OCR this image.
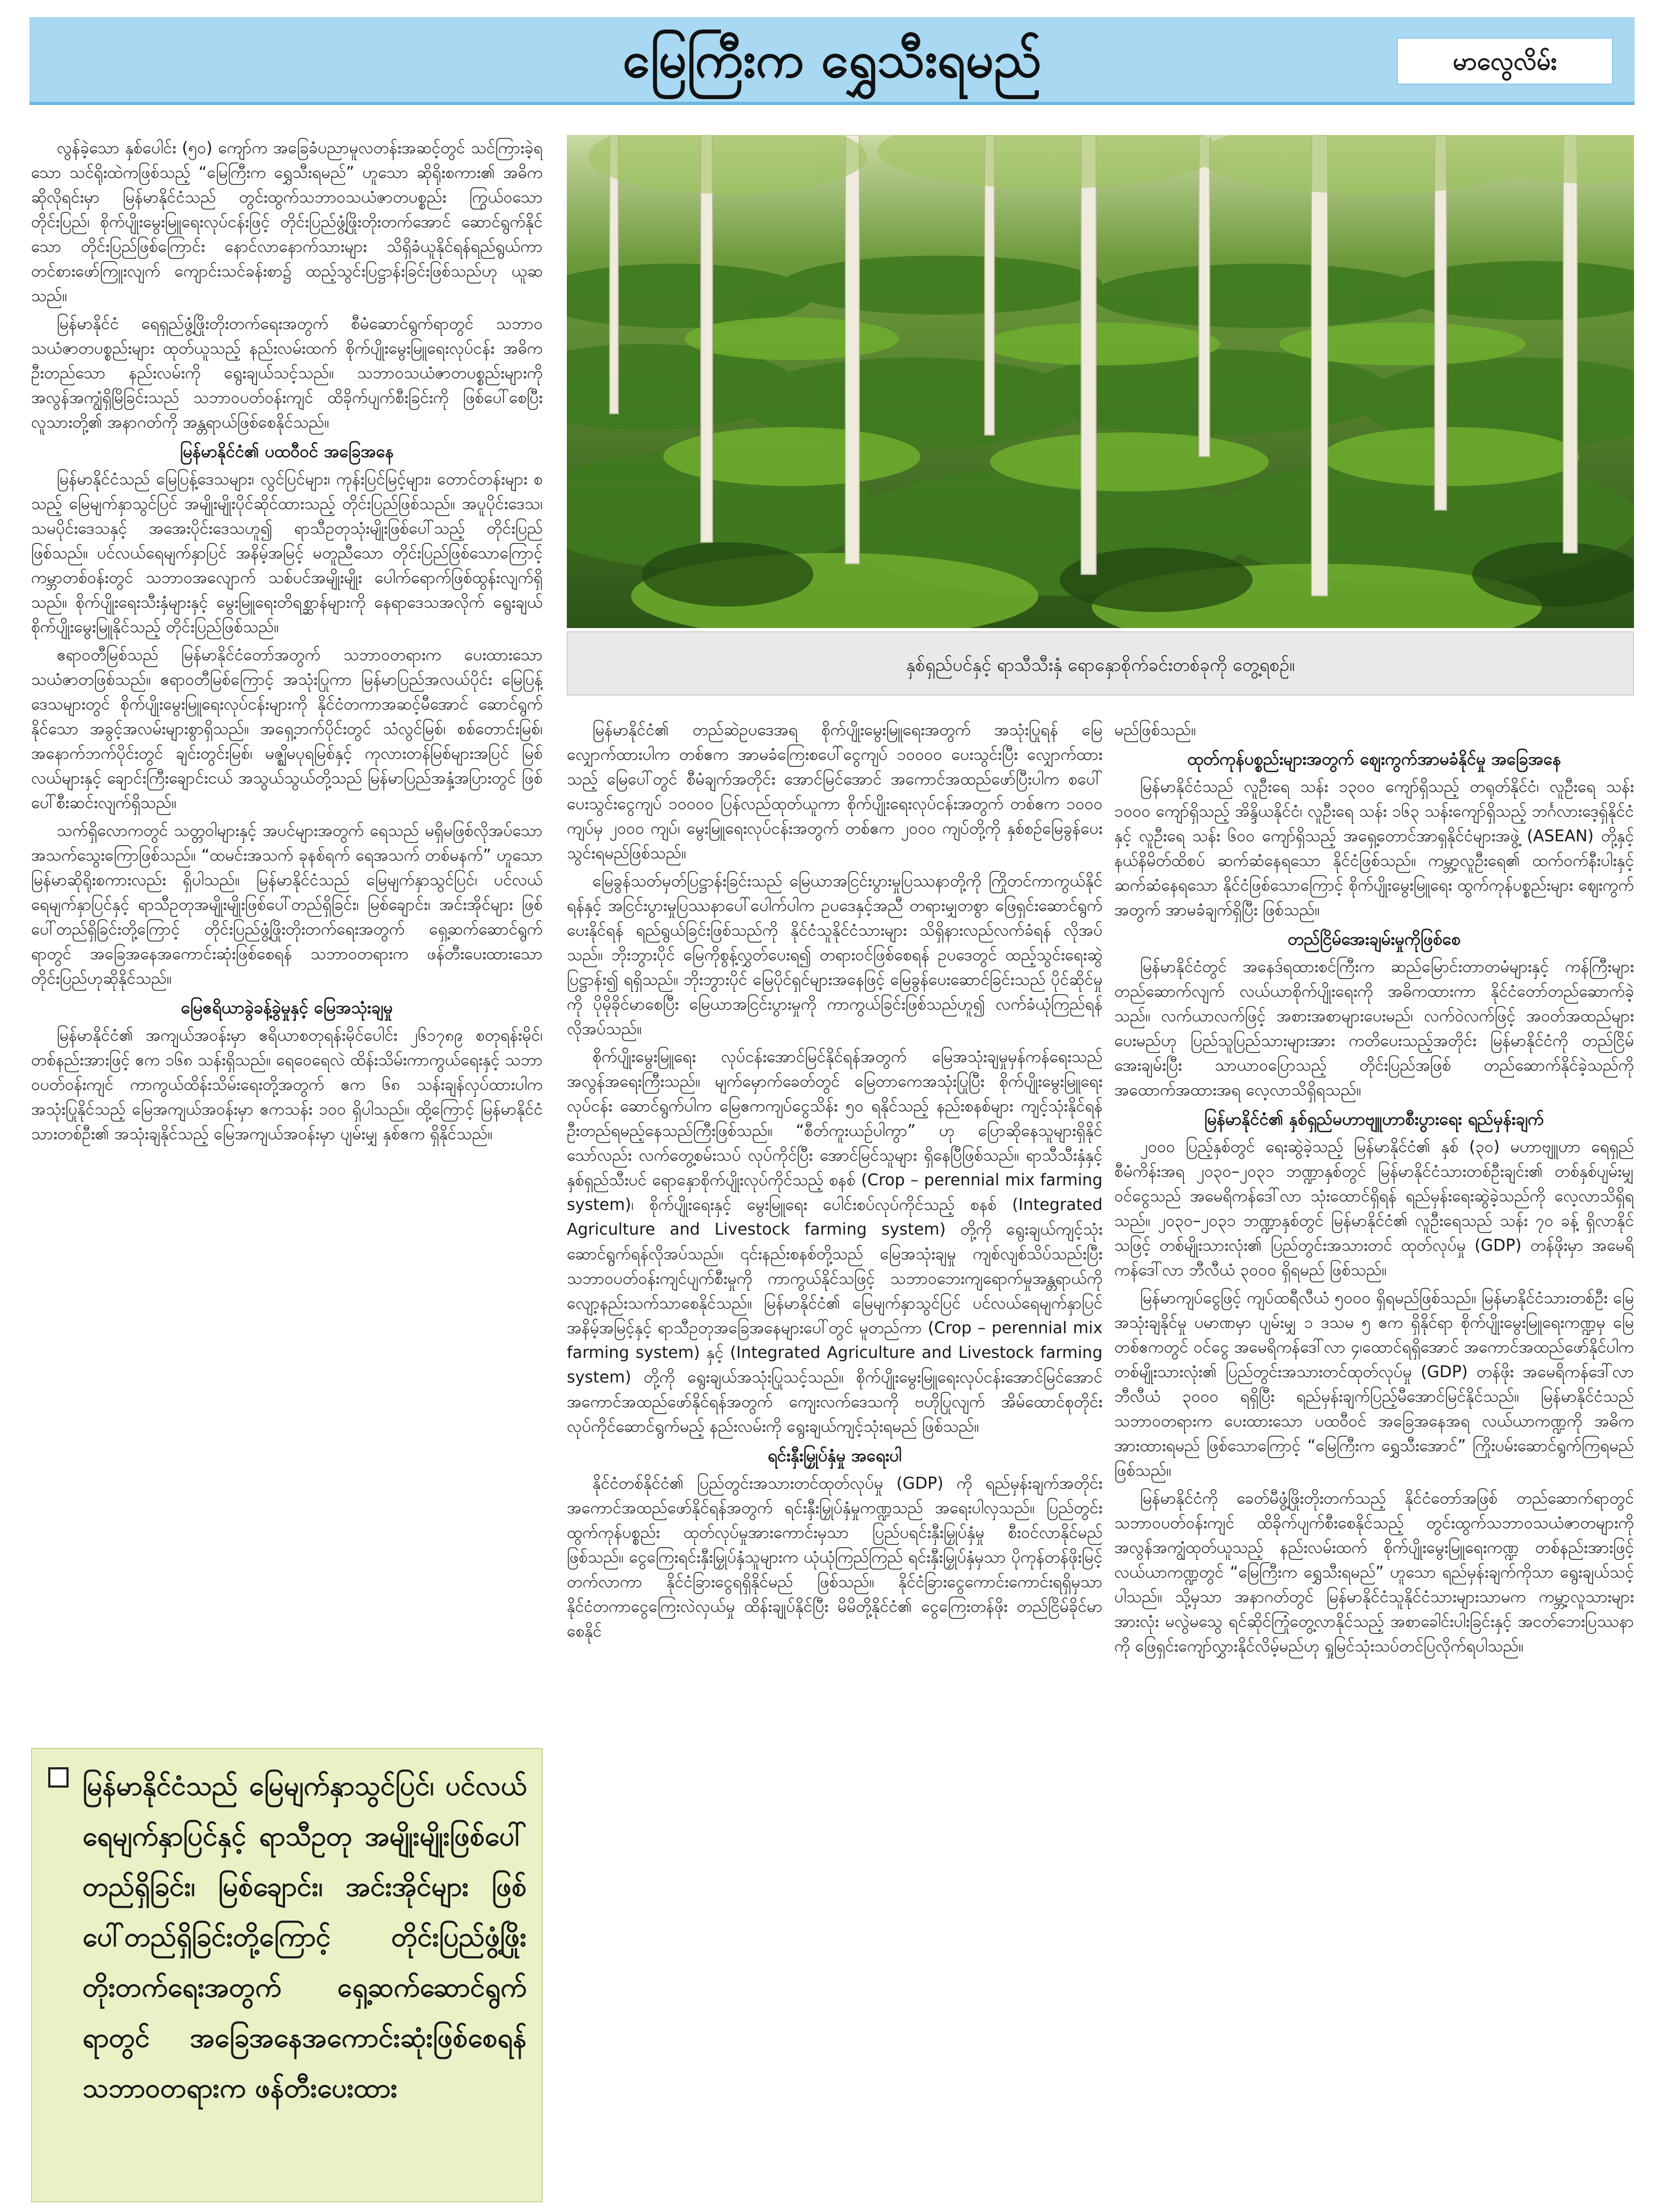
မြေကြီးက ရွှေသီးရမည်	မာလွေလိမ်း
နှစ်ရှည်ပင်နှင့် ရာသီသီးနှံ ရောနှောစိုက်ခင်းတစ်ခုကို တွေ့ရစဉ်။

လွန်ခဲ့သော နှစ်ပေါင်း (၅၀) ကျော်က အခြေခံပညာမူလတန်းအဆင့်တွင် သင်ကြားခဲ့ရသော သင်ရိုးထဲကဖြစ်သည့် “မြေကြီးက ရွှေသီးရမည်” ဟူသော ဆိုရိုးစကား၏ အဓိကဆိုလိုရင်းမှာ မြန်မာနိုင်ငံသည် တွင်းထွက်သဘာဝသယံဇာတပစ္စည်း ကြွယ်ဝသော တိုင်းပြည်၊ စိုက်ပျိုးမွေးမြူရေးလုပ်ငန်းဖြင့် တိုင်းပြည်ဖွံ့ဖြိုးတိုးတက်အောင် ဆောင်ရွက်နိုင်သော တိုင်းပြည်ဖြစ်ကြောင်း နောင်လာနောက်သားများ သိရှိခံယူနိုင်ရန်ရည်ရွယ်ကာ တင်စားဖော်ကြူးလျက် ကျောင်းသင်ခန်းစာ၌ ထည့်သွင်းပြဋ္ဌာန်းခြင်းဖြစ်သည်ဟု ယူဆသည်။

မြန်မာနိုင်ငံ ရေရှည်ဖွံ့ဖြိုးတိုးတက်ရေးအတွက် စီမံဆောင်ရွက်ရာတွင် သဘာဝသယံဇာတပစ္စည်းများ ထုတ်ယူသည့် နည်းလမ်းထက် စိုက်ပျိုးမွေးမြူရေးလုပ်ငန်း အဓိကဦးတည်သော နည်းလမ်းကို ရွေးချယ်သင့်သည်။ သဘာဝသယံဇာတပစ္စည်းများကို အလွန်အကျွံရှိမြိခြင်းသည် သဘာဝပတ်ဝန်းကျင် ထိခိုက်ပျက်စီးခြင်းကို ဖြစ်ပေါ်စေပြီး လူသားတို့၏ အနာဂတ်ကို အန္တရာယ်ဖြစ်စေနိုင်သည်။

မြန်မာနိုင်ငံ၏ ပထဝီဝင် အခြေအနေ

မြန်မာနိုင်ငံသည် မြေပြန့်ဒေသများ၊ လွင်ပြင်များ၊ ကုန်းပြင်မြင့်များ၊ တောင်တန်းများ စသည့် မြေမျက်နှာသွင်ပြင် အမျိုးမျိုးပိုင်ဆိုင်ထားသည့် တိုင်းပြည်ဖြစ်သည်။ အပူပိုင်းဒေသ၊ သမပိုင်းဒေသနှင့် အအေးပိုင်းဒေသဟူ၍ ရာသီဥတုသုံးမျိုးဖြစ်ပေါ်သည့် တိုင်းပြည်ဖြစ်သည်။ ပင်လယ်ရေမျက်နှာပြင် အနိမ့်အမြင့် မတူညီသော တိုင်းပြည်ဖြစ်သောကြောင့် ကမ္ဘာတစ်ဝန်းတွင် သဘာဝအလျောက် သစ်ပင်အမျိုးမျိုး ပေါက်ရောက်ဖြစ်ထွန်းလျက်ရှိသည်။ စိုက်ပျိုးရေးသီးနှံများနှင့် မွေးမြူရေးတိရစ္ဆာန်များကို နေရာဒေသအလိုက် ရွေးချယ်စိုက်ပျိုးမွေးမြူနိုင်သည့် တိုင်းပြည်ဖြစ်သည်။

ဧရာဝတီမြစ်သည် မြန်မာနိုင်ငံတော်အတွက် သဘာဝတရားက ပေးထားသော သယံဇာတဖြစ်သည်။ ဧရာဝတီမြစ်ကြောင့် အသုံးပြုကာ မြန်မာပြည်အလယ်ပိုင်း မြေပြန့်ဒေသများတွင် စိုက်ပျိုးမွေးမြူရေးလုပ်ငန်းများကို နိုင်ငံတကာအဆင့်မီအောင် ဆောင်ရွက်နိုင်သော အခွင့်အလမ်းများစွာရှိသည်။ အရှေ့ဘက်ပိုင်းတွင် သံလွင်မြစ်၊ စစ်တောင်းမြစ်၊ အနောက်ဘက်ပိုင်းတွင် ချင်းတွင်းမြစ်၊ မဇ္ဈိမပုရမြစ်နှင့် ကုလားတန်မြစ်များအပြင် မြစ်လယ်များနှင့် ချောင်းကြီးချောင်းငယ် အသွယ်သွယ်တို့သည် မြန်မာပြည်အနှံ့အပြားတွင် ဖြစ်ပေါ်စီးဆင်းလျက်ရှိသည်။

သက်ရှိလောကတွင် သတ္တဝါများနှင့် အပင်များအတွက် ရေသည် မရှိမဖြစ်လိုအပ်သော အသက်သွေးကြောဖြစ်သည်။ “ထမင်းအသက် ခုနစ်ရက် ရေအသက် တစ်မနက်” ဟူသော မြန်မာဆိုရိုးစကားလည်း ရှိပါသည်။ မြန်မာနိုင်ငံသည် မြေမျက်နှာသွင်ပြင်၊ ပင်လယ်ရေမျက်နှာပြင်နှင့် ရာသီဥတုအမျိုးမျိုးဖြစ်ပေါ်တည်ရှိခြင်း၊ မြစ်ချောင်း၊ အင်းအိုင်များ ဖြစ်ပေါ်တည်ရှိခြင်းတို့ကြောင့် တိုင်းပြည်ဖွံ့ဖြိုးတိုးတက်ရေးအတွက် ရှေ့ဆက်ဆောင်ရွက်ရာတွင် အခြေအနေအကောင်းဆုံးဖြစ်စေရန် သဘာဝတရားက ဖန်တီးပေးထားသော တိုင်းပြည်ဟုဆိုနိုင်သည်။

မြေဧရိယာခွဲခန့်ခွဲမှုနှင့် မြေအသုံးချမှု

မြန်မာနိုင်ငံ၏ အကျယ်အဝန်းမှာ ဧရိယာစတုရန်းမိုင်ပေါင်း ၂၆၁၇၈၉ စတုရန်းမိုင်၊ တစ်နည်းအားဖြင့် ဧက ၁၆၈ သန်းရှိသည်။ ရေဝေရေလဲ ထိန်းသိမ်းကာကွယ်ရေးနှင့် သဘာဝပတ်ဝန်းကျင် ကာကွယ်ထိန်းသိမ်းရေးတို့အတွက် ဧက ၆၈ သန်းချန်လှပ်ထားပါက အသုံးပြုနိုင်သည့် မြေအကျယ်အဝန်းမှာ ဧကသန်း ၁၀၀ ရှိပါသည်။ ထို့ကြောင့် မြန်မာနိုင်ငံသားတစ်ဦး၏ အသုံးချနိုင်သည့် မြေအကျယ်အဝန်းမှာ ပျမ်းမျှ နှစ်ဧက ရှိနိုင်သည်။

မြန်မာနိုင်ငံသည် မြေမျက်နှာသွင်ပြင်၊ ပင်လယ်ရေမျက်နှာပြင်နှင့် ရာသီဥတု အမျိုးမျိုးဖြစ်ပေါ်တည်ရှိခြင်း၊ မြစ်ချောင်း၊ အင်းအိုင်များ ဖြစ်ပေါ်တည်ရှိခြင်းတို့ကြောင့် တိုင်းပြည်ဖွံ့ဖြိုးတိုးတက်ရေးအတွက် ရှေ့ဆက်ဆောင်ရွက်ရာတွင် အခြေအနေအကောင်းဆုံးဖြစ်စေရန် သဘာဝတရားက ဖန်တီးပေးထား

မြန်မာနိုင်ငံ၏ တည်ဆဲဥပဒေအရ စိုက်ပျိုးမွေးမြူရေးအတွက် အသုံးပြုရန် မြေလျှောက်ထားပါက တစ်ဧက အာမခံကြေးစပေါ်ငွေကျပ် ၁၀၀၀၀ ပေးသွင်းပြီး လျှောက်ထားသည့် မြေပေါ်တွင် စီမံချက်အတိုင်း အောင်မြင်အောင် အကောင်အထည်ဖော်ပြီးပါက စပေါ်ပေးသွင်းငွေကျပ် ၁၀၀၀၀ ပြန်လည်ထုတ်ယူကာ စိုက်ပျိုးရေးလုပ်ငန်းအတွက် တစ်ဧက ၁၀၀၀ ကျပ်မှ ၂၀၀၀ ကျပ်၊ မွေးမြူရေးလုပ်ငန်းအတွက် တစ်ဧက ၂၀၀၀ ကျပ်တို့ကို နှစ်စဉ်မြေခွန်ပေးသွင်းရမည်ဖြစ်သည်။

မြေခွန်သတ်မှတ်ပြဋ္ဌာန်းခြင်းသည် မြေယာအငြင်းပွားမှုပြဿနာတို့ကို ကြိုတင်ကာကွယ်နိုင်ရန်နှင့် အငြင်းပွားမှုပြဿနာပေါ်ပေါက်ပါက ဥပဒေနှင့်အညီ တရားမျှတစွာ ဖြေရှင်းဆောင်ရွက်ပေးနိုင်ရန် ရည်ရွယ်ခြင်းဖြစ်သည်ကို နိုင်ငံသူနိုင်ငံသားများ သိရှိနားလည်လက်ခံရန် လိုအပ်သည်။ ဘိုးဘွားပိုင် မြေကိုစွန့်လွှတ်ပေးရ၍ တရားဝင်ဖြစ်စေရန် ဥပဒေတွင် ထည့်သွင်းရေးဆွဲပြဋ္ဌာန်း၍ ရရှိသည်။ ဘိုးဘွားပိုင် မြေပိုင်ရှင်များအနေဖြင့် မြေခွန်ပေးဆောင်ခြင်းသည် ပိုင်ဆိုင်မှုကို ပိုမိုခိုင်မာစေပြီး မြေယာအငြင်းပွားမှုကို ကာကွယ်ခြင်းဖြစ်သည်ဟူ၍ လက်ခံယုံကြည်ရန် လိုအပ်သည်။

စိုက်ပျိုးမွေးမြူရေး လုပ်ငန်းအောင်မြင်နိုင်ရန်အတွက် မြေအသုံးချမှုမှန်ကန်ရေးသည် အလွန်အရေးကြီးသည်။ မျက်မှောက်ခေတ်တွင် မြေတာကေအသုံးပြုပြီး စိုက်ပျိုးမွေးမြူရေးလုပ်ငန်း ဆောင်ရွက်ပါက မြေဧကကျပ်ငွေသိန်း ၅၀ ရနိုင်သည့် နည်းစနစ်များ ကျင့်သုံးနိုင်ရန် ဦးတည်ရမည့်နေသည်ကြီးဖြစ်သည်။ “စီတ်ကူးယဉ်ပါကွာ” ဟု ပြောဆိုနေသူများရှိနိုင်သော်လည်း လက်တွေ့စမ်းသပ် လုပ်ကိုင်ပြီး အောင်မြင်သူများ ရှိနေပြီဖြစ်သည်။ ရာသီသီးနှံနှင့် နှစ်ရှည်သီးပင် ရောနှောစိုက်ပျိုးလုပ်ကိုင်သည့် စနစ် (Crop – perennial mix farming system)၊ စိုက်ပျိုးရေးနှင့် မွေးမြူရေး ပေါင်းစပ်လုပ်ကိုင်သည့် စနစ် (Integrated Agriculture and Livestock farming system) တို့ကို ရွေးချယ်ကျင့်သုံး ဆောင်ရွက်ရန်လိုအပ်သည်။ ၎င်းနည်းစနစ်တို့သည် မြေအသုံးချမှု ကျစ်လျစ်သိပ်သည်းပြီး သဘာဝပတ်ဝန်းကျင်ပျက်စီးမှုကို ကာကွယ်နိုင်သဖြင့် သဘာဝဘေးကျရောက်မှုအန္တရာယ်ကို လျော့နည်းသက်သာစေနိုင်သည်။ မြန်မာနိုင်ငံ၏ မြေမျက်နှာသွင်ပြင် ပင်လယ်ရေမျက်နှာပြင် အနိမ့်အမြင့်နှင့် ရာသီဥတုအခြေအနေများပေါ်တွင် မူတည်ကာ (Crop – perennial mix farming system) နှင့် (Integrated Agriculture and Livestock farming system) တို့ကို ရွေးချယ်အသုံးပြုသင့်သည်။ စိုက်ပျိုးမွေးမြူရေးလုပ်ငန်းအောင်မြင်အောင် အကောင်အထည်ဖော်နိုင်ရန်အတွက် ကျေးလက်ဒေသကို ဗဟိုပြုလျက် အိမ်ထောင်စုတိုင်း လုပ်ကိုင်ဆောင်ရွက်မည့် နည်းလမ်းကို ရွေးချယ်ကျင့်သုံးရမည် ဖြစ်သည်။

ရင်းနှီးမြှုပ်နှံမှု အရေးပါ

နိုင်ငံတစ်နိုင်ငံ၏ ပြည်တွင်းအသားတင်ထုတ်လုပ်မှု (GDP) ကို ရည်မှန်းချက်အတိုင်း အကောင်အထည်ဖော်နိုင်ရန်အတွက် ရင်းနှီးမြှုပ်နှံမှုကဏ္ဍသည် အရေးပါလှသည်။ ပြည်တွင်းထွက်ကုန်ပစ္စည်း ထုတ်လုပ်မှုအားကောင်းမှသာ ပြည်ပရင်းနှီးမြှုပ်နှံမှု စီးဝင်လာနိုင်မည်ဖြစ်သည်။ ငွေကြေးရင်းနှီးမြှုပ်နှံသူများက ယုံယုံကြည်ကြည် ရင်းနှီးမြှုပ်နှံမှသာ ပိုကုန်တန်ဖိုးမြင့်တက်လာကာ နိုင်ငံခြားငွေရရှိနိုင်မည် ဖြစ်သည်။ နိုင်ငံခြားငွေကောင်းကောင်းရရှိမှသာ နိုင်ငံတကာငွေကြေးလဲလှယ်မှု ထိန်းချုပ်နိုင်ပြီး မိမိတို့နိုင်ငံ၏ ငွေကြေးတန်ဖိုး တည်ငြိမ်ခိုင်မာစေနိုင်

မည်ဖြစ်သည်။

ထုတ်ကုန်ပစ္စည်းများအတွက် ဈေးကွက်အာမခံနိုင်မှု အခြေအနေ

မြန်မာနိုင်ငံသည် လူဦးရေ သန်း ၁၃၀၀ ကျော်ရှိသည့် တရုတ်နိုင်ငံ၊ လူဦးရေ သန်း ၁၀၀၀ ကျော်ရှိသည့် အိန္ဒိယနိုင်ငံ၊ လူဦးရေ သန်း ၁၆၃ သန်းကျော်ရှိသည့် ဘင်္ဂလားဒေ့ရှ်နိုင်ငံနှင့် လူဦးရေ သန်း ၆၀၀ ကျော်ရှိသည့် အရှေ့တောင်အာရှနိုင်ငံများအဖွဲ့ (ASEAN) တို့နှင့် နယ်နိမိတ်ထိစပ် ဆက်ဆံနေရသော နိုင်ငံဖြစ်သည်။ ကမ္ဘာ့လူဦးရေ၏ ထက်ဝက်နီးပါးနှင့် ဆက်ဆံနေရသော နိုင်ငံဖြစ်သောကြောင့် စိုက်ပျိုးမွေးမြူရေး ထွက်ကုန်ပစ္စည်းများ ဈေးကွက်အတွက် အာမခံချက်ရှိပြီး ဖြစ်သည်။

တည်ငြိမ်အေးချမ်းမှုကိုဖြစ်စေ

မြန်မာနိုင်ငံတွင် အနေဒ်ရထားစင်ကြီးက ဆည်မြောင်းတာတမံများနှင့် ကန်ကြီးများ တည်ဆောက်လျက် လယ်ယာစိုက်ပျိုးရေးကို အဓိကထားကာ နိုင်ငံတော်တည်ဆောက်ခဲ့သည်။ လက်ယာလက်ဖြင့် အစားအစာများပေးမည်၊ လက်ဝဲလက်ဖြင့် အဝတ်အထည်များ ပေးမည်ဟု ပြည်သူပြည်သားများအား ကတိပေးသည့်အတိုင်း မြန်မာနိုင်ငံကို တည်ငြိမ်အေးချမ်းပြီး သာယာဝပြောသည့် တိုင်းပြည်အဖြစ် တည်ဆောက်နိုင်ခဲ့သည်ကို အထောက်အထားအရ လေ့လာသိရှိရသည်။

မြန်မာနိုင်ငံ၏ နှစ်ရှည်မဟာဗျူဟာစီးပွားရေး ရည်မှန်းချက်

၂၀၀၀ ပြည့်နှစ်တွင် ရေးဆွဲခဲ့သည့် မြန်မာနိုင်ငံ၏ နှစ် (၃၀) မဟာဗျူဟာ ရေရှည်စီမံကိန်းအရ ၂၀၃၀–၂၀၃၁ ဘဏ္ဍာနှစ်တွင် မြန်မာနိုင်ငံသားတစ်ဦးချင်း၏ တစ်နှစ်ပျမ်းမျှဝင်ငွေသည် အမေရိကန်ဒေါ်လာ သုံးထောင်ရှိရန် ရည်မှန်းရေးဆွဲခဲ့သည်ကို လေ့လာသိရှိရသည်။ ၂၀၃၀–၂၀၃၁ ဘဏ္ဍာနှစ်တွင် မြန်မာနိုင်ငံ၏ လူဦးရေသည် သန်း ၇၀ ခန့် ရှိလာနိုင်သဖြင့် တစ်မျိုးသားလုံး၏ ပြည်တွင်းအသားတင် ထုတ်လုပ်မှု (GDP) တန်ဖိုးမှာ အမေရိကန်ဒေါ်လာ ဘီလီယံ ၃၀၀၀ ရှိရမည် ဖြစ်သည်။

မြန်မာကျပ်ငွေဖြင့် ကျပ်ထရီလီယံ ၅၀၀၀ ရှိရမည်ဖြစ်သည်။ မြန်မာနိုင်ငံသားတစ်ဦး မြေအသုံးချနိုင်မှု ပမာဏမှာ ပျမ်းမျှ ၁ ဒသမ ၅ ဧက ရှိနိုင်ရာ စိုက်ပျိုးမွေးမြူရေးကဏ္ဍမှ မြေတစ်ဧကတွင် ဝင်ငွေ အမေရိကန်ဒေါ်လာ ၄၊ထောင်ရရှိအောင် အကောင်အထည်ဖော်နိုင်ပါက တစ်မျိုးသားလုံး၏ ပြည်တွင်းအသားတင်ထုတ်လုပ်မှု (GDP) တန်ဖိုး အမေရိကန်ဒေါ်လာ ဘီလီယံ ၃၀၀၀ ရရှိပြီး ရည်မှန်းချက်ပြည့်မီအောင်မြင်နိုင်သည်။ မြန်မာနိုင်ငံသည် သဘာဝတရားက ပေးထားသော ပထဝီဝင် အခြေအနေအရ လယ်ယာကဏ္ဍကို အဓိက အားထားရမည် ဖြစ်သောကြောင့် “မြေကြီးက ရွှေသီးအောင်” ကြိုးပမ်းဆောင်ရွက်ကြရမည်ဖြစ်သည်။

မြန်မာနိုင်ငံကို ခေတ်မီဖွံ့ဖြိုးတိုးတက်သည့် နိုင်ငံတော်အဖြစ် တည်ဆောက်ရာတွင် သဘာဝပတ်ဝန်းကျင် ထိခိုက်ပျက်စီးစေနိုင်သည့် တွင်းထွက်သဘာဝသယံဇာတများကို အလွန်အကျွံထုတ်ယူသည့် နည်းလမ်းထက် စိုက်ပျိုးမွေးမြူရေးကဏ္ဍ တစ်နည်းအားဖြင့် လယ်ယာကဏ္ဍတွင် “မြေကြီးက ရွှေသီးရမည်” ဟူသော ရည်မှန်းချက်ကိုသာ ရွေးချယ်သင့်ပါသည်။ သို့မှသာ အနာဂတ်တွင် မြန်မာနိုင်ငံသူနိုင်ငံသားများသာမက ကမ္ဘာ့လူသားများအားလုံး မလွဲမသွေ ရင်ဆိုင်ကြုံတွေ့လာနိုင်သည့် အစာခေါင်းပါးခြင်းနှင့် အငတ်ဘေးပြဿနာကို ဖြေရှင်းကျော်လွှားနိုင်လိမ့်မည်ဟု ရှုမြင်သုံးသပ်တင်ပြလိုက်ရပါသည်။
